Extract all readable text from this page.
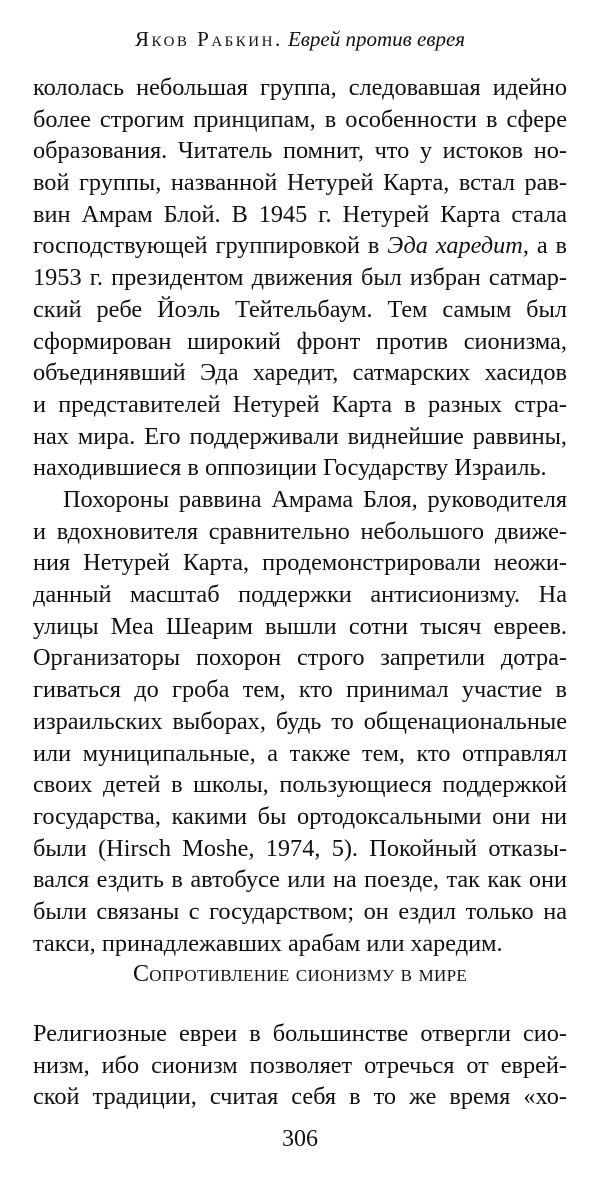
Яков Рабкин. Еврей против еврея
кололась небольшая группа, следовавшая идейно
более строгим принципам, в особенности в сфере
образования. Читатель помнит, что у истоков но-
вой группы, названной Нетурей Карта, встал рав-
вин Амрам Блой. В 1945 г. Нетурей Карта стала
господствующей группировкой в Эда харедит, а в
1953 г. президентом движения был избран сатмар-
ский ребе Йоэль Тейтельбаум. Тем самым был
сформирован широкий фронт против сионизма,
объединявший Эда харедит, сатмарских хасидов
и представителей Нетурей Карта в разных стра-
нах мира. Его поддерживали виднейшие раввины,
находившиеся в оппозиции Государству Израиль.
Похороны раввина Амрама Блоя, руководителя
и вдохновителя сравнительно небольшого движе-
ния Нетурей Карта, продемонстрировали неожи-
данный масштаб поддержки антисионизму. На
улицы Меа Шеарим вышли сотни тысяч евреев.
Организаторы похорон строго запретили дотра-
гиваться до гроба тем, кто принимал участие в
израильских выборах, будь то общенациональные
или муниципальные, а также тем, кто отправлял
своих детей в школы, пользующиеся поддержкой
государства, какими бы ортодоксальными они ни
были (Hirsch Moshe, 1974, 5). Покойный отказы-
вался ездить в автобусе или на поезде, так как они
были связаны с государством; он ездил только на
такси, принадлежавших арабам или харедим.
Сопротивление сионизму в мире
Религиозные евреи в большинстве отвергли сио-
низм, ибо сионизм позволяет отречься от еврей-
ской традиции, считая себя в то же время «хо-
306
